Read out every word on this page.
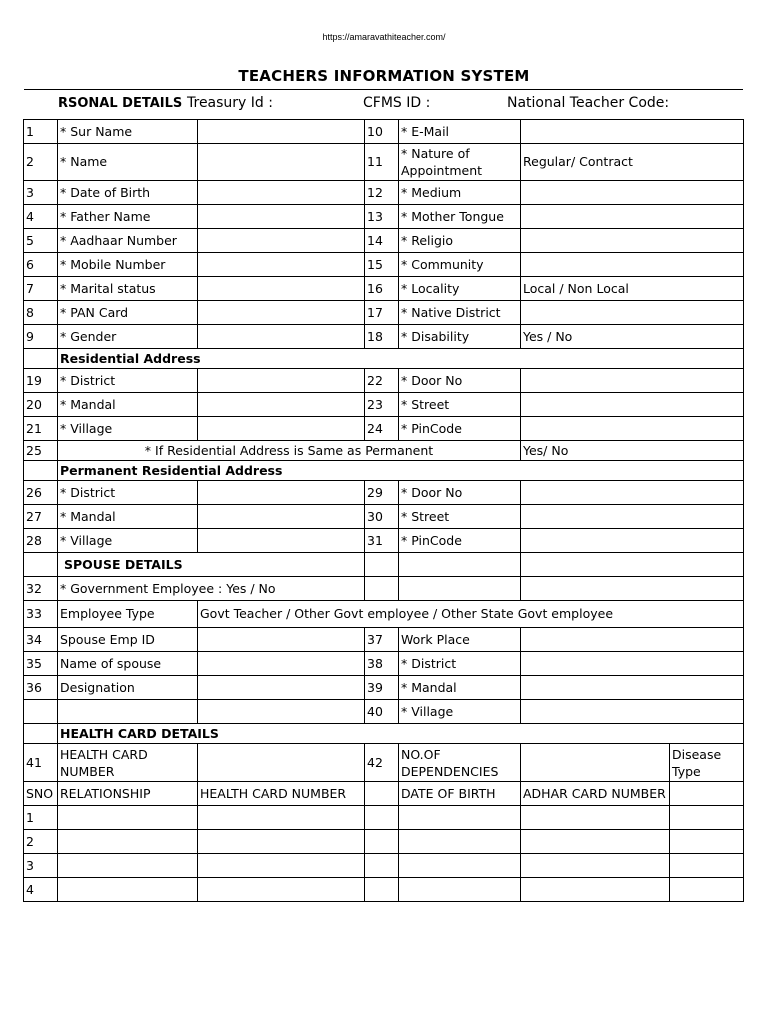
https://amaravathiteacher.com/
TEACHERS INFORMATION SYSTEM
RSONAL DETAILS Treasury Id :	CFMS ID :	National Teacher Code:
1	* Sur Name		10	* E-Mail		
2	* Name		11	* Nature of Appointment	Regular/ Contract	
3	* Date of Birth		12	* Medium		
4	* Father Name		13	* Mother Tongue		
5	* Aadhaar Number		14	* Religio		
6	* Mobile Number		15	* Community		
7	* Marital status		16	* Locality	Local / Non Local	
8	* PAN Card		17	* Native District		
9	* Gender		18	* Disability	Yes / No	
	Residential Address					
19	* District		22	* Door No		
20	* Mandal		23	* Street		
21	* Village		24	* PinCode		
25	* If Residential Address is Same as Permanent				Yes/ No	
	Permanent Residential Address					
26	* District		29	* Door No		
27	* Mandal		30	* Street		
28	* Village		31	* PinCode		
	SPOUSE DETAILS					
32	* Government Employee : Yes / No					
33	Employee Type	Govt Teacher / Other Govt employee / Other State Govt employee				
34	Spouse Emp ID		37	Work Place		
35	Name of spouse		38	* District		
36	Designation		39	* Mandal		
			40	* Village		
	HEALTH CARD DETAILS					
41	HEALTH CARD NUMBER		42	NO.OF DEPENDENCIES		Disease Type
SNO	RELATIONSHIP	HEALTH CARD NUMBER		DATE OF BIRTH	ADHAR CARD NUMBER	
1						
2						
3						
4						
